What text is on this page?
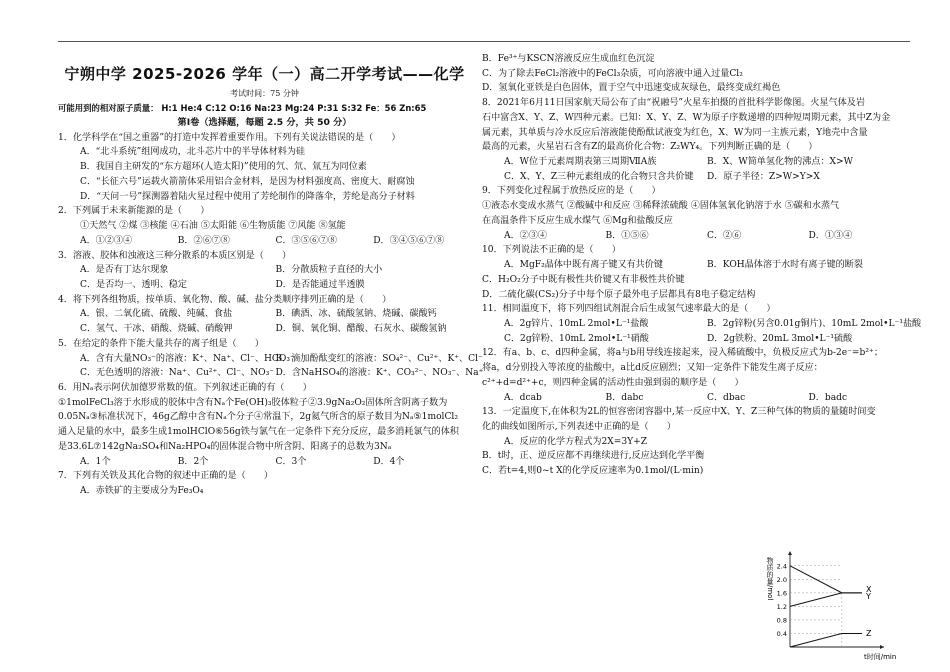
宁朔中学 2025-2026 学年（一）高二开学考试——化学
考试时间：75 分钟
可能用到的相对原子质量： H:1 He:4 C:12 O:16 Na:23 Mg:24 P:31 S:32 Fe：56 Zn:65
第Ⅰ卷（选择题，每题 2.5 分，共 50 分）
1．化学科学在“国之重器”的打造中发挥着重要作用。下列有关说法错误的是（　　）
A．“北斗系统”组网成功，北斗芯片中的半导体材料为硅
B．我国自主研发的“东方超环(人造太阳)”使用的氕、氘、氚互为同位素
C．“长征六号”运载火箭箭体采用铝合金材料，是因为材料强度高、密度大、耐腐蚀
D．“天问一号”探测器着陆火星过程中使用了芳纶制作的降落伞，芳纶是高分子材料
2．下列属于未来新能源的是（　　）
①天然气 ②煤 ③核能 ④石油 ⑤太阳能 ⑥生物质能 ⑦风能 ⑧氢能
A．①②③④	B．②⑥⑦⑧	C．③⑤⑥⑦⑧	D．③④⑤⑥⑦⑧
3．溶液、胶体和浊液这三种分散系的本质区别是（　　）
A．是否有丁达尔现象	B．分散质粒子直径的大小
C．是否均一、透明、稳定	D．是否能通过半透膜
4．将下列各组物质，按单质、氧化物、酸、碱、盐分类顺序排列正确的是（　　）
A．银、二氧化硫、硫酸、纯碱、食盐	B．碘酒、冰、硫酸氢钠、烧碱、碳酸钙
C．氢气、干冰、硝酸、烧碱、硝酸钾	D．铜、氧化铜、醋酸、石灰水、碳酸氢钠
5．在给定的条件下能大量共存的离子组是（　　）
A．含有大量NO₃⁻的溶液：K⁺、Na⁺、Cl⁻、HCO₃⁻
B．滴加酚酞变红的溶液：SO₄²⁻、Cu²⁺、K⁺、Cl⁻
C．无色透明的溶液：Na⁺、Cu²⁺、Cl⁻、NO₃⁻ D．含NaHSO₄的溶液：K⁺、CO₃²⁻、NO₃⁻、Na⁺
6．用Nₐ表示阿伏加德罗常数的值。下列叙述正确的有（　　）
①1molFeCl₃溶于水形成的胶体中含有Nₐ个Fe(OH)₃胶体粒子②3.9gNa₂O₂固体所含阴离子数为
0.05Nₐ③标准状况下，46g乙醇中含有Nₐ个分子④常温下，2g氦气所含的原子数目为Nₐ⑤1molCl₂
通入足量的水中，最多生成1molHClO⑥56g铁与氯气在一定条件下充分反应，最多消耗氯气的体积
是33.6L⑦142gNa₂SO₄和Na₂HPO₄的固体混合物中所含阴、阳离子的总数为3Nₐ
A．1个	B．2个	C．3个	D．4个
7．下列有关铁及其化合物的叙述中正确的是（　　）
A．赤铁矿的主要成分为Fe₃O₄
B．Fe³⁺与KSCN溶液反应生成血红色沉淀
C．为了除去FeCl₂溶液中的FeCl₃杂质，可向溶液中通入过量Cl₂
D．氢氧化亚铁是白色固体，置于空气中迅速变成灰绿色，最终变成红褐色
8．2021年6月11日国家航天局公布了由“祝融号”火星车拍摄的首批科学影像图。火星气体及岩
石中富含X、Y、Z、W四种元素。已知：X、Y、Z、W为原子序数递增的四种短周期元素，其中Z为金
属元素，其单质与冷水反应后溶液能使酚酞试液变为红色，X、W为同一主族元素，Y地壳中含量
最高的元素，火星岩石含有Z的最高价化合物：Z₂WY₄。下列判断正确的是（　　）
A．W位于元素周期表第三周期ⅦA族	B．X、W简单氢化物的沸点：X>W
C．X、Y、Z三种元素组成的化合物只含共价键	D．原子半径：Z>W>Y>X
9．下列变化过程属于放热反应的是（　　）
①液态水变成水蒸气 ②酸碱中和反应 ③稀释浓硫酸 ④固体氢氧化钠溶于水 ⑤碳和水蒸气
在高温条件下反应生成水煤气 ⑥Mg和盐酸反应
A．②③④	B．①⑤⑥	C．②⑥	D．①③④
10．下列说法不正确的是（　　）
A．MgF₂晶体中既有离子键又有共价键	B．KOH晶体溶于水时有离子键的断裂
C．H₂O₂分子中既有极性共价键又有非极性共价键
D．二硫化碳(CS₂)分子中每个原子最外电子层都具有8电子稳定结构
11．相同温度下，将下列四组试剂混合后生成氢气速率最大的是（　　）
A．2g锌片、10mL 2mol•L⁻¹盐酸	B．2g锌粉(另含0.01g铜片)、10mL 2mol•L⁻¹盐酸
C．2g锌粉、10mL 2mol•L⁻¹硝酸	D．2g铁粉、20mL 3mol•L⁻¹硫酸
12．有a、b、c、d四种金属，将a与b用导线连接起来，浸入稀硫酸中，负极反应式为b-2e⁻=b²⁺；
将a，d分别投入等浓度的盐酸中，a比d反应剧烈；又知一定条件下能发生离子反应：
c²⁺+d=d²⁺+c，则四种金属的活动性由强到弱的顺序是（　　）
A．dcab	B．dabc	C．dbac	D．badc
13．一定温度下,在体积为2L的恒容密闭容器中,某一反应中X、Y、Z三种气体的物质的量随时间变
化的曲线如图所示,下列表述中正确的是（　　）
A．反应的化学方程式为2X=3Y+Z
B．t时，正、逆反应都不再继续进行,反应达到化学平衡
C．若t=4,则0~t X的化学反应速率为0.1mol/(L·min)
2.4
2.0
1.6
1.2
0.8
0.4
X
Y
Z
物质的量/mol
t时间/min
